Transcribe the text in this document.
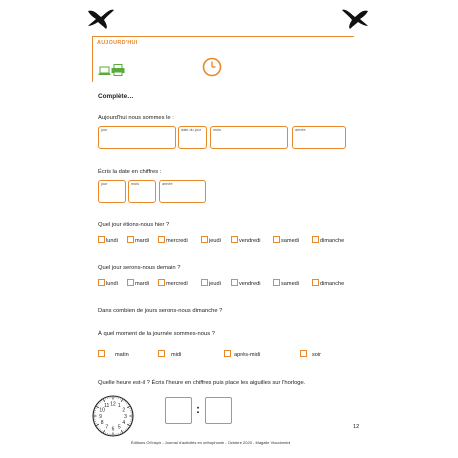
AUJOURD'HUI
Complète…
Aujourd'hui nous sommes le :
jour	date du jour	mois	année
Écris la date en chiffres :
jour	mois	année
Quel jour étions-nous hier ?
lundi	mardi	mercredi	jeudi	vendredi	samedi	dimanche
Quel jour serons-nous demain ?
lundi	mardi	mercredi	jeudi	vendredi	samedi	dimanche
Dans combien de jours serons-nous dimanche ?
À quel moment de la journée sommes-nous ?
matin	midi	après-midi	soir
Quelle heure est-il ? Écris l'heure en chiffres puis place les aiguilles sur l'horloge.
12 1
2
3
4
5
6
7
8
9
10
11	:
12
Éditions Ot'Inspir - Journal d'activités en orthophonie - Octobre 2020 - Magalie Vioudomini
